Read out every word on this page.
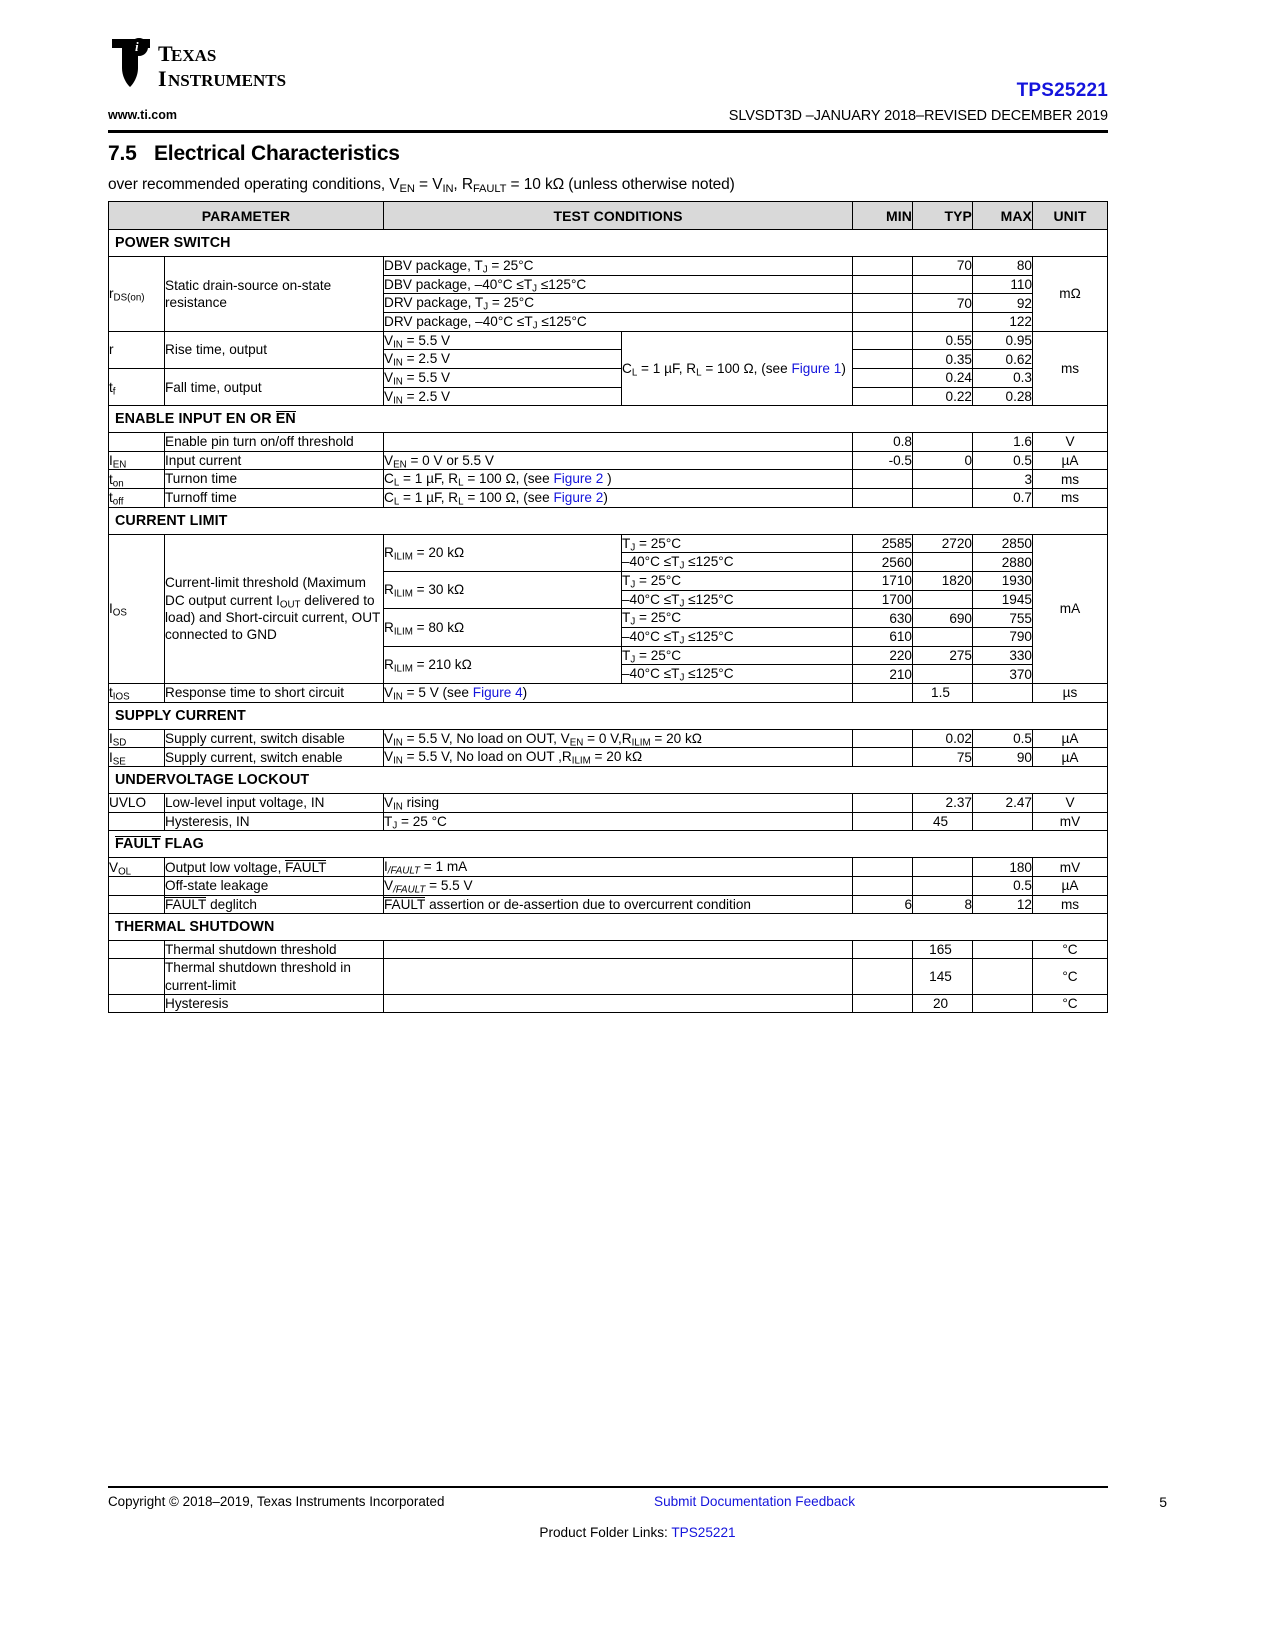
i T
EXAS
I NSTRUMENTS	TPS25221
www.ti.com	SLVSDT3D –JANUARY 2018–REVISED DECEMBER 2019
7.5 Electrical Characteristics
over recommended operating conditions, $V_{EN} = V_{IN}$, $R_{FAULT} = 10$ kΩ (unless otherwise noted)
PARAMETER		TEST CONDITIONS		MIN	TYP	MAX	UNIT
POWER SWITCH							
$r_{DS(on)}$	Static drain-source on-state resistance	DBV package, $T_J = 25^\circ C$			70	80	mΩ
		DBV package, $-40^\circ C \le T_J \le 125^\circ C$				110	
		DRV package, $T_J = 25^\circ C$			70	92	
		DRV package, $-40^\circ C \le T_J \le 125^\circ C$				122	
r	Rise time, output	$V_{IN} = 5.5$ V	$C_L = 1$ µF, $R_L = 100$ Ω, (see Figure 1)		0.55	0.95	ms
		$V_{IN} = 2.5$ V			0.35	0.62	
$t_f$	Fall time, output	$V_{IN} = 5.5$ V			0.24	0.3	
		$V_{IN} = 2.5$ V			0.22	0.28	
ENABLE INPUT EN OR EN							
	Enable pin turn on/off threshold			0.8		1.6	V
$I_{EN}$	Input current	$V_{EN} = 0$ V or 5.5 V		-0.5	0	0.5	µA
$t_{on}$	Turnon time	$C_L = 1$ µF, $R_L = 100$ Ω, (see Figure 2 )				3	ms
$t_{off}$	Turnoff time	$C_L = 1$ µF, $R_L = 100$ Ω, (see Figure 2)				0.7	ms
CURRENT LIMIT							
$I_{OS}$	Current-limit threshold (Maximum DC output current $I_{OUT}$ delivered to load) and Short-circuit current, OUT connected to GND	$R_{ILIM} = 20$ kΩ	$T_J = 25^\circ C$	2585	2720	2850	mA
			$-40^\circ C \le T_J \le 125^\circ C$	2560		2880	
		$R_{ILIM} = 30$ kΩ	$T_J = 25^\circ C$	1710	1820	1930	
			$-40^\circ C \le T_J \le 125^\circ C$	1700		1945	
		$R_{ILIM} = 80$ kΩ	$T_J = 25^\circ C$	630	690	755	
			$-40^\circ C \le T_J \le 125^\circ C$	610		790	
		$R_{ILIM} = 210$ kΩ	$T_J = 25^\circ C$	220	275	330	
			$-40^\circ C \le T_J \le 125^\circ C$	210		370	
$t_{IOS}$	Response time to short circuit	$V_{IN} = 5$ V (see Figure 4)			1.5		µs
SUPPLY CURRENT							
$I_{SD}$	Supply current, switch disable	$V_{IN} = 5.5$ V, No load on OUT, $V_{EN} = 0$ $V,R_{ILIM} = 20$ kΩ			0.02	0.5	µA
$I_{SE}$	Supply current, switch enable	$V_{IN} = 5.5$ V, No load on OUT $,R_{ILIM} = 20$ kΩ			75	90	µA
UNDERVOLTAGE LOCKOUT							
UVLO	Low-level input voltage, IN	$V_{IN}$ rising			2.37	2.47	V
	Hysteresis, IN	$T_J = 25$ °C			45		mV
FAULT FLAG							
$V_{OL}$	Output low voltage, FAULT	$I_{/FAULT} = 1$ mA				180	mV
	Off-state leakage	$V_{/FAULT} = 5.5$ V				0.5	µA
	FAULT deglitch	FAULT assertion or de-assertion due to overcurrent condition		6	8	12	ms
THERMAL SHUTDOWN							
	Thermal shutdown threshold				165		°C
	Thermal shutdown threshold in current-limit				145		°C
	Hysteresis				20		°C
Copyright © 2018–2019, Texas Instruments Incorporated	Submit Documentation Feedback	5
Product Folder Links: TPS25221
